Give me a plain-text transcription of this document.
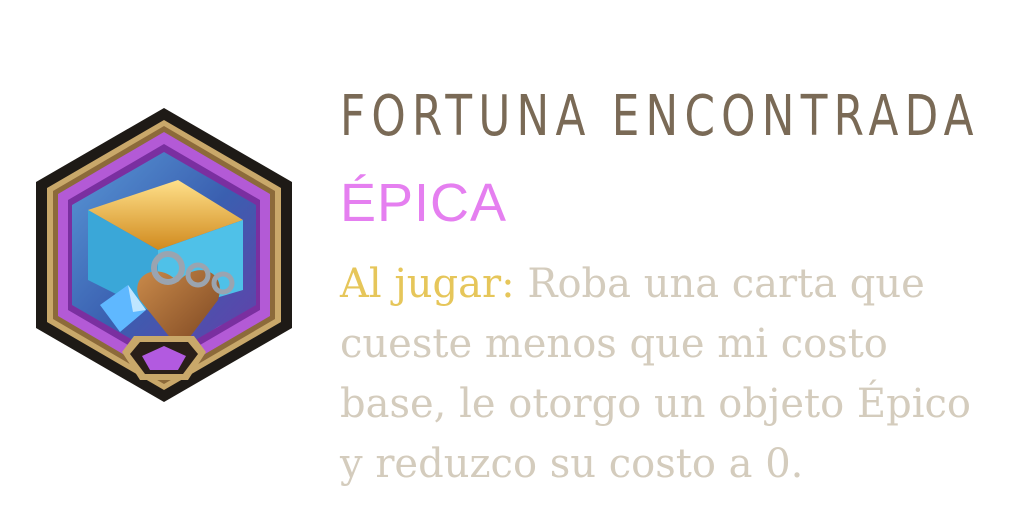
FORTUNA ENCONTRADA
ÉPICA
Al jugar: Roba una carta que
cueste menos que mi costo
base, le otorgo un objeto Épico
y reduzco su costo a 0.
